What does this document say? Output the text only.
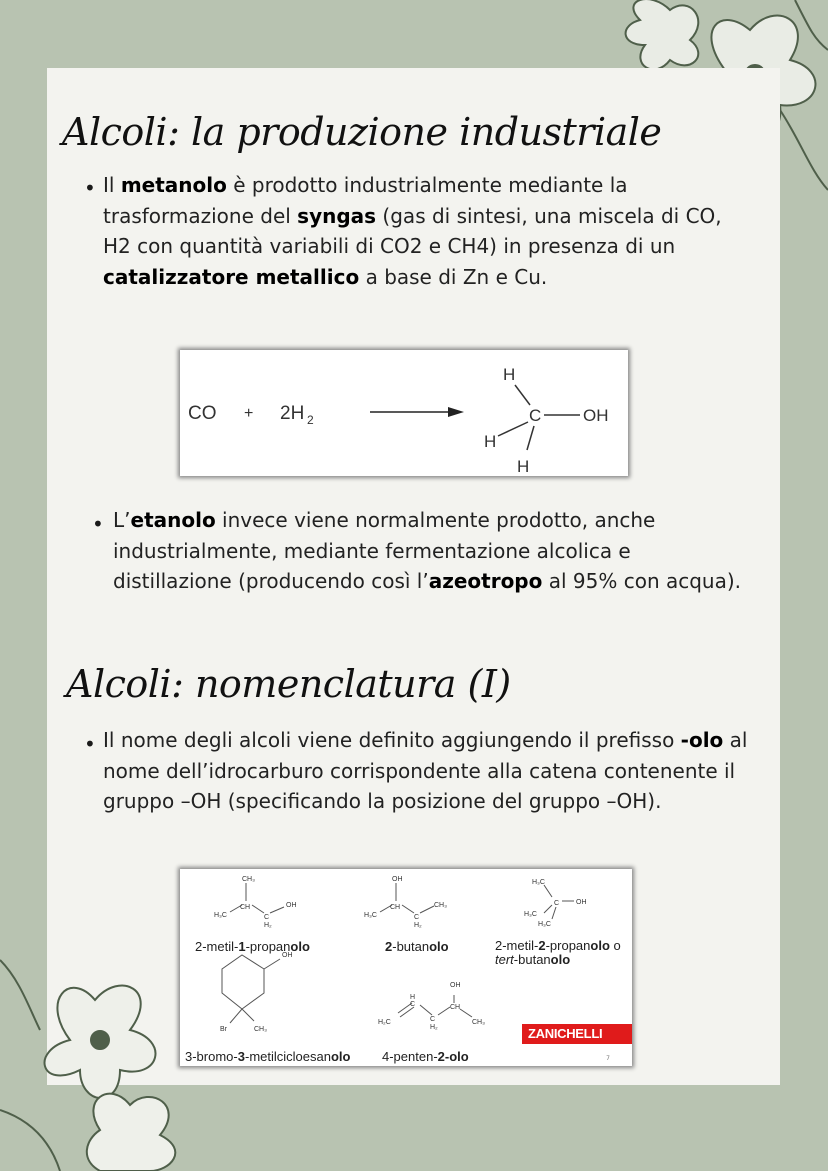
Alcoli: la produzione industriale
• Il metanolo è prodotto industrialmente mediante la trasformazione del syngas (gas di sintesi, una miscela di CO, H2 con quantità variabili di CO2 e CH4) in presenza di un catalizzatore metallico a base di Zn e Cu.
CO + 2H 2
H
C OH
H
H
• L’etanolo invece viene normalmente prodotto, anche industrialmente, mediante fermentazione alcolica e distillazione (producendo così l’azeotropo al 95% con acqua).
Alcoli: nomenclatura (I)
• Il nome degli alcoli viene definito aggiungendo il prefisso -olo al nome dell’idrocarburo corrispondente alla catena contenente il gruppo –OH (specificando la posizione del gruppo –OH).
CH₃
CH	OH
H₃C	C
H₂
OH
CH	CH₃
H₃C	C
H₂
H₃C
C OH
H₃C
H₃C
OH
Br	CH₃
OH
H
C	CH
H₂C	C
H₂
CH₃
2-metil-1-propanolo	2-butanolo	2-metil-2-propanolo o
tert-butanolo
3-bromo-3-metilcicloesanolo 4-penten-2-olo
ZANICHELLI
7
